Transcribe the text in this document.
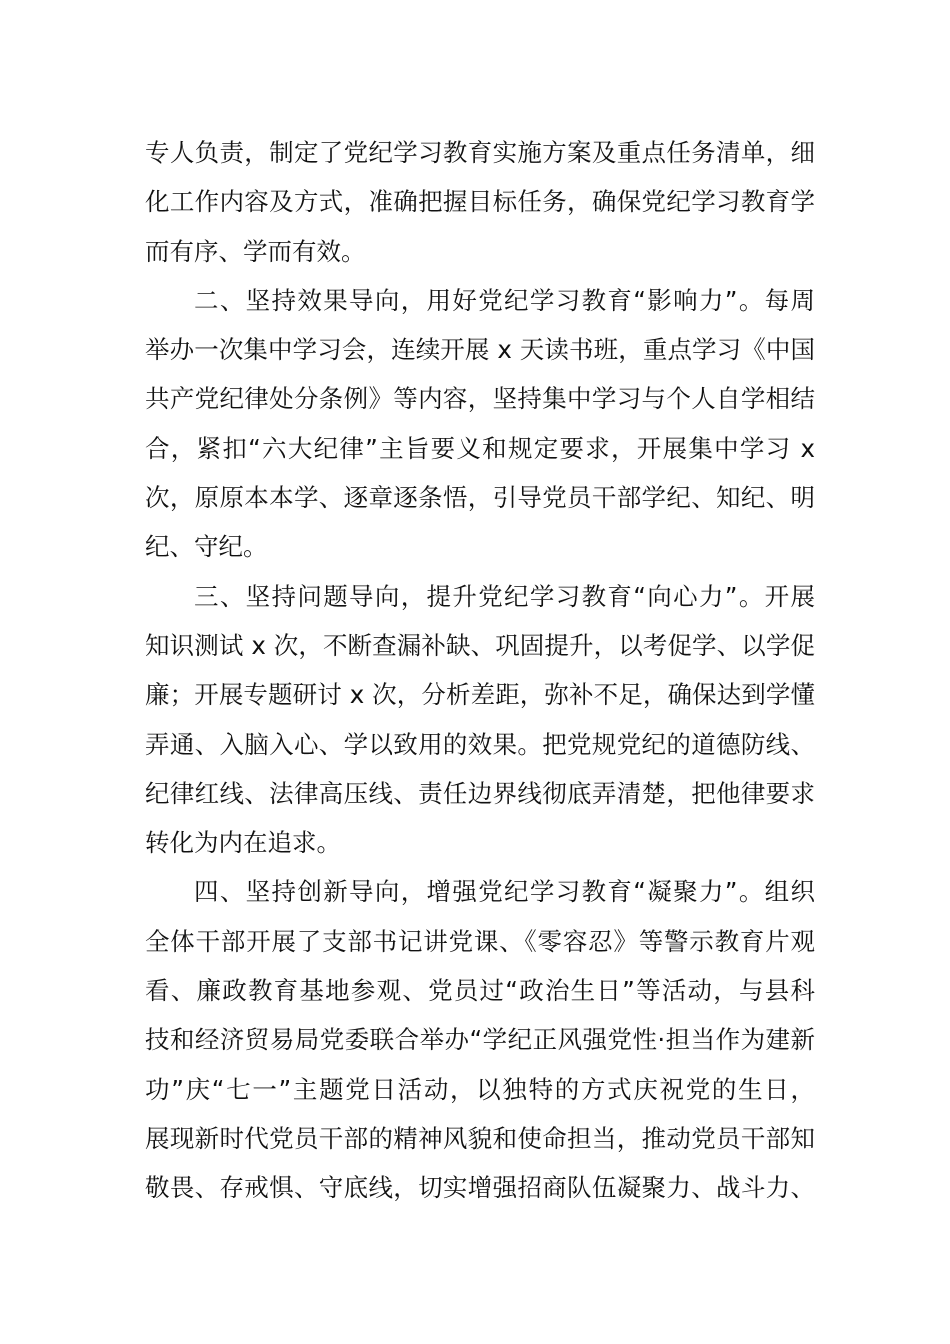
专人负责，制定了党纪学习教育实施方案及重点任务清单，细
化工作内容及方式，准确把握目标任务，确保党纪学习教育学
而有序、学而有效。
二、坚持效果导向，用好党纪学习教育“影响力”。每周
举办一次集中学习会，连续开展 x 天读书班，重点学习《中国
共产党纪律处分条例》等内容，坚持集中学习与个人自学相结
合，紧扣“六大纪律”主旨要义和规定要求，开展集中学习 x
次，原原本本学、逐章逐条悟，引导党员干部学纪、知纪、明
纪、守纪。
三、坚持问题导向，提升党纪学习教育“向心力”。开展
知识测试 x 次，不断查漏补缺、巩固提升，以考促学、以学促
廉；开展专题研讨 x 次，分析差距，弥补不足，确保达到学懂
弄通、入脑入心、学以致用的效果。把党规党纪的道德防线、
纪律红线、法律高压线、责任边界线彻底弄清楚，把他律要求
转化为内在追求。
四、坚持创新导向，增强党纪学习教育“凝聚力”。组织
全体干部开展了支部书记讲党课、《零容忍》等警示教育片观
看、廉政教育基地参观、党员过“政治生日”等活动，与县科
技和经济贸易局党委联合举办“学纪正风强党性·担当作为建新
功”庆“七一”主题党日活动，以独特的方式庆祝党的生日，
展现新时代党员干部的精神风貌和使命担当，推动党员干部知
敬畏、存戒惧、守底线，切实增强招商队伍凝聚力、战斗力、
